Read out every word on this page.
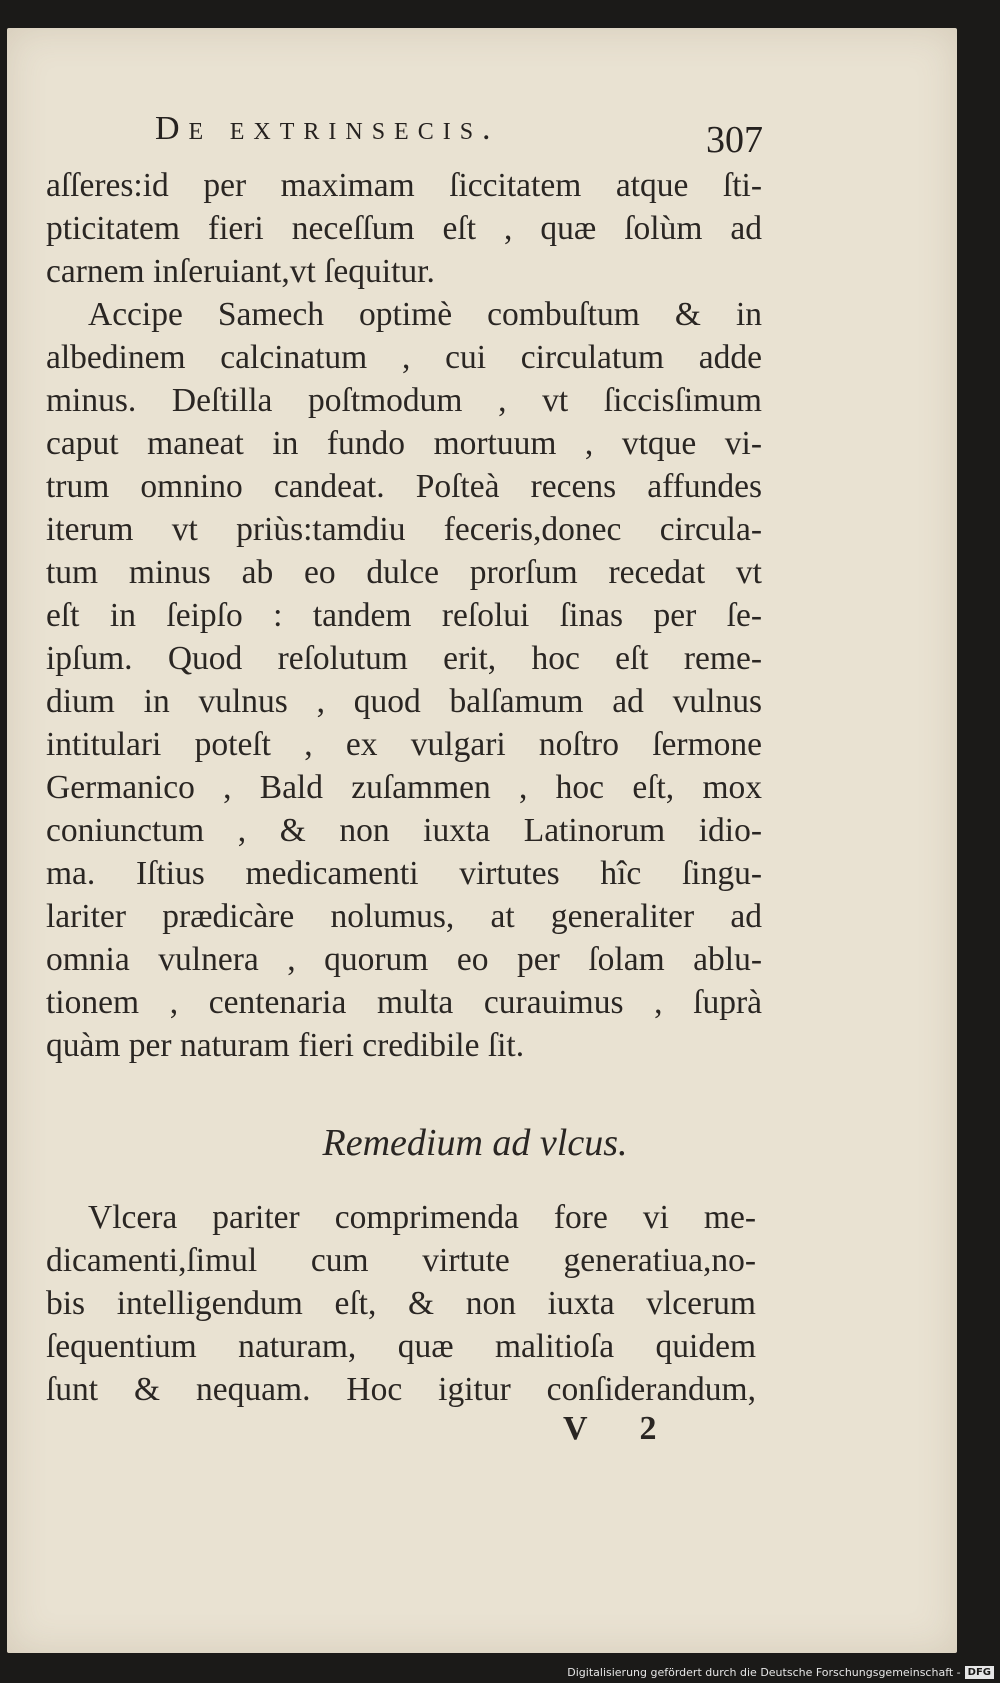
De extrinsecis.	307
aſſeres:id per maximam ſiccitatem atque ſti-
pticitatem fieri neceſſum eſt , quæ ſolùm ad
carnem inſeruiant,vt ſequitur.
Accipe Samech optimè combuſtum & in
albedinem calcinatum , cui circulatum adde
minus. Deſtilla poſtmodum , vt ſiccisſimum
caput maneat in fundo mortuum , vtque vi-
trum omnino candeat. Poſteà recens affundes
iterum vt priùs:tamdiu feceris,donec circula-
tum minus ab eo dulce prorſum recedat vt
eſt in ſeipſo : tandem reſolui ſinas per ſe-
ipſum. Quod reſolutum erit, hoc eſt reme-
dium in vulnus , quod balſamum ad vulnus
intitulari poteſt , ex vulgari noſtro ſermone
Germanico , Bald zuſammen , hoc eſt, mox
coniunctum , & non iuxta Latinorum idio-
ma. Iſtius medicamenti virtutes hîc ſingu-
lariter prædicàre nolumus, at generaliter ad
omnia vulnera , quorum eo per ſolam ablu-
tionem , centenaria multa curauimus , ſuprà
quàm per naturam fieri credibile ſit.
Remedium ad vlcus.
Vlcera pariter comprimenda fore vi me-
dicamenti,ſimul cum virtute generatiua,no-
bis intelligendum eſt, & non iuxta vlcerum
ſequentium naturam, quæ malitioſa quidem
ſunt & nequam. Hoc igitur conſiderandum,
V 2
Digitalisierung gefördert durch die Deutsche Forschungsgemeinschaft - DFG
